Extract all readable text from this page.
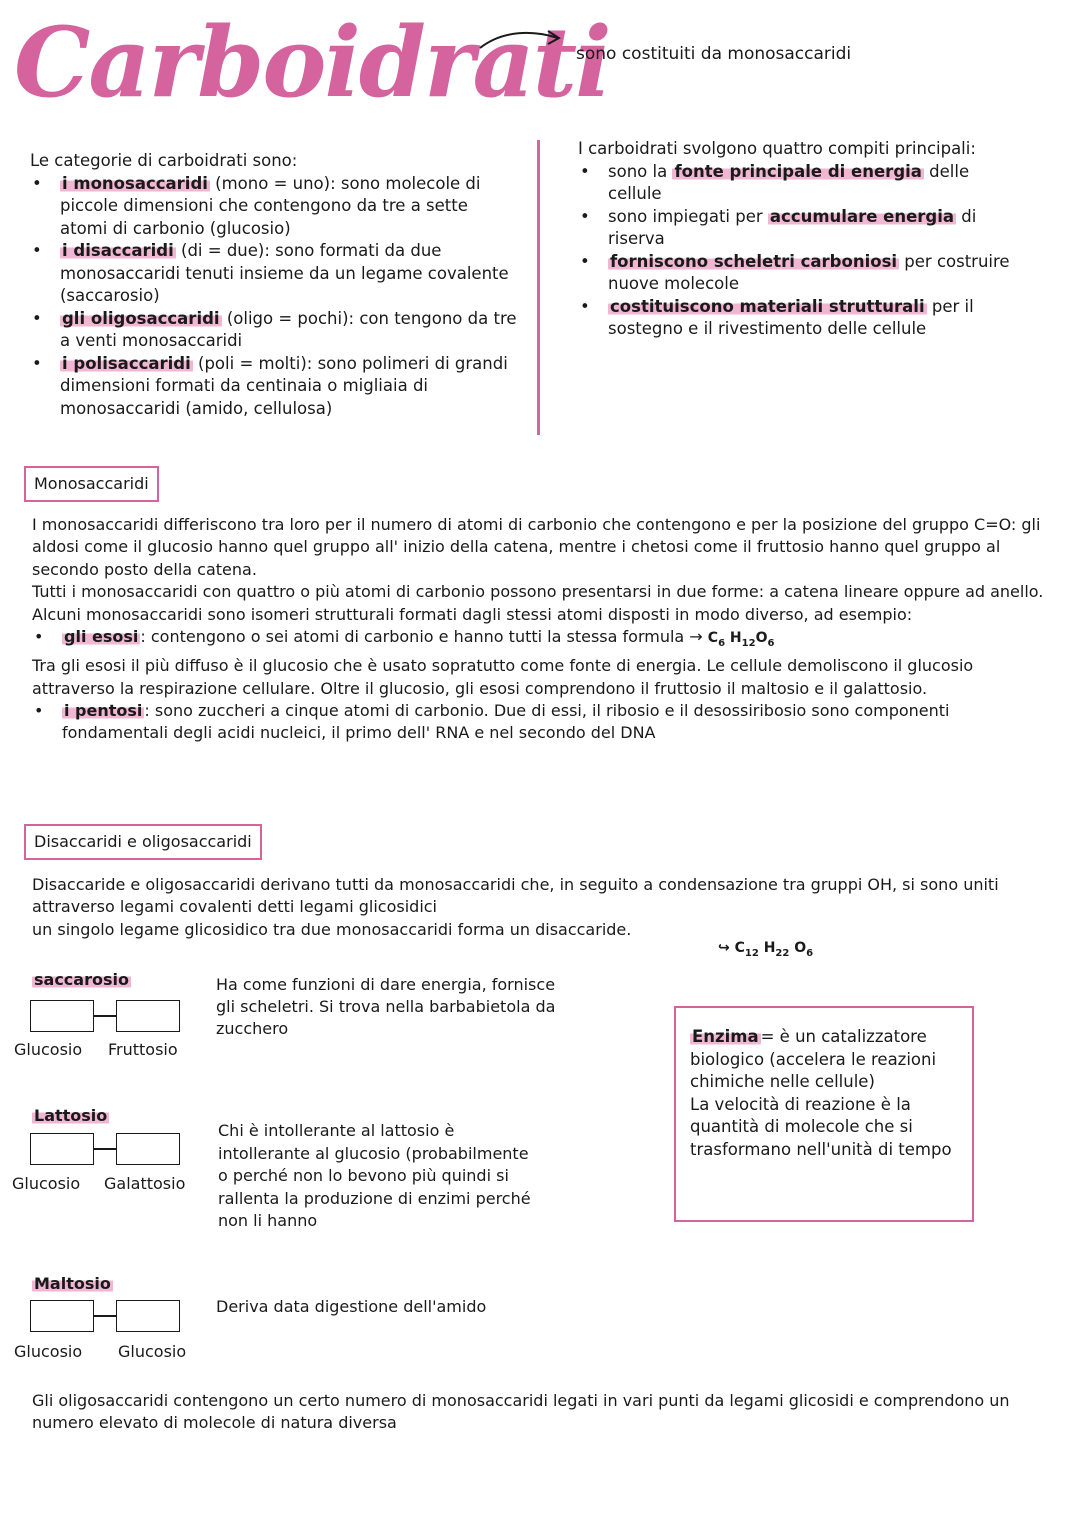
Carboidrati
sono costituiti da monosaccaridi
Le categorie di carboidrati sono:
• i monosaccaridi (mono = uno): sono molecole di piccole dimensioni che contengono da tre a sette atomi di carbonio (glucosio)
• i disaccaridi (di = due): sono formati da due monosaccaridi tenuti insieme da un legame covalente (saccarosio)
• gli oligosaccaridi (oligo = pochi): con tengono da tre a venti monosaccaridi
• i polisaccaridi (poli = molti): sono polimeri di grandi dimensioni formati da centinaia o migliaia di monosaccaridi (amido, cellulosa)
I carboidrati svolgono quattro compiti principali:
• sono la fonte principale di energia delle cellule
• sono impiegati per accumulare energia di riserva
• forniscono scheletri carboniosi per costruire nuove molecole
• costituiscono materiali strutturali per il sostegno e il rivestimento delle cellule
Monosaccaridi
I monosaccaridi differiscono tra loro per il numero di atomi di carbonio che contengono e per la posizione del gruppo C=O: gli aldosi come il glucosio hanno quel gruppo all' inizio della catena, mentre i chetosi come il fruttosio hanno quel gruppo al secondo posto della catena.
Tutti i monosaccaridi con quattro o più atomi di carbonio possono presentarsi in due forme: a catena lineare oppure ad anello.
Alcuni monosaccaridi sono isomeri strutturali formati dagli stessi atomi disposti in modo diverso, ad esempio:
• gli esosi : contengono o sei atomi di carbonio e hanno tutti la stessa formula → $C_6$ $H_{12}O_6$
Tra gli esosi il più diffuso è il glucosio che è usato sopratutto come fonte di energia. Le cellule demoliscono il glucosio attraverso la respirazione cellulare. Oltre il glucosio, gli esosi comprendono il fruttosio il maltosio e il galattosio.
• i pentosi : sono zuccheri a cinque atomi di carbonio. Due di essi, il ribosio e il desossiribosio sono componenti fondamentali degli acidi nucleici, il primo dell' RNA e nel secondo del DNA
Disaccaridi e oligosaccaridi
Disaccaride e oligosaccaridi derivano tutti da monosaccaridi che, in seguito a condensazione tra gruppi OH, si sono uniti attraverso legami covalenti detti legami glicosidici
un singolo legame glicosidico tra due monosaccaridi forma un disaccaride.
↪ $C_{12}$ $H_{22}$ $O_6$
saccarosio
Glucosio Fruttosio
Ha come funzioni di dare energia, fornisce gli scheletri. Si trova nella barbabietola da zucchero
Lattosio
Glucosio Galattosio
Chi è intollerante al lattosio è intollerante al glucosio (probabilmente o perché non lo bevono più quindi si rallenta la produzione di enzimi perché non li hanno
Maltosio
Glucosio Glucosio
Deriva data digestione dell'amido
Enzima = è un catalizzatore biologico (accelera le reazioni chimiche nelle cellule)
La velocità di reazione è la quantità di molecole che si trasformano nell'unità di tempo
Gli oligosaccaridi contengono un certo numero di monosaccaridi legati in vari punti da legami glicosidi e comprendono un numero elevato di molecole di natura diversa
